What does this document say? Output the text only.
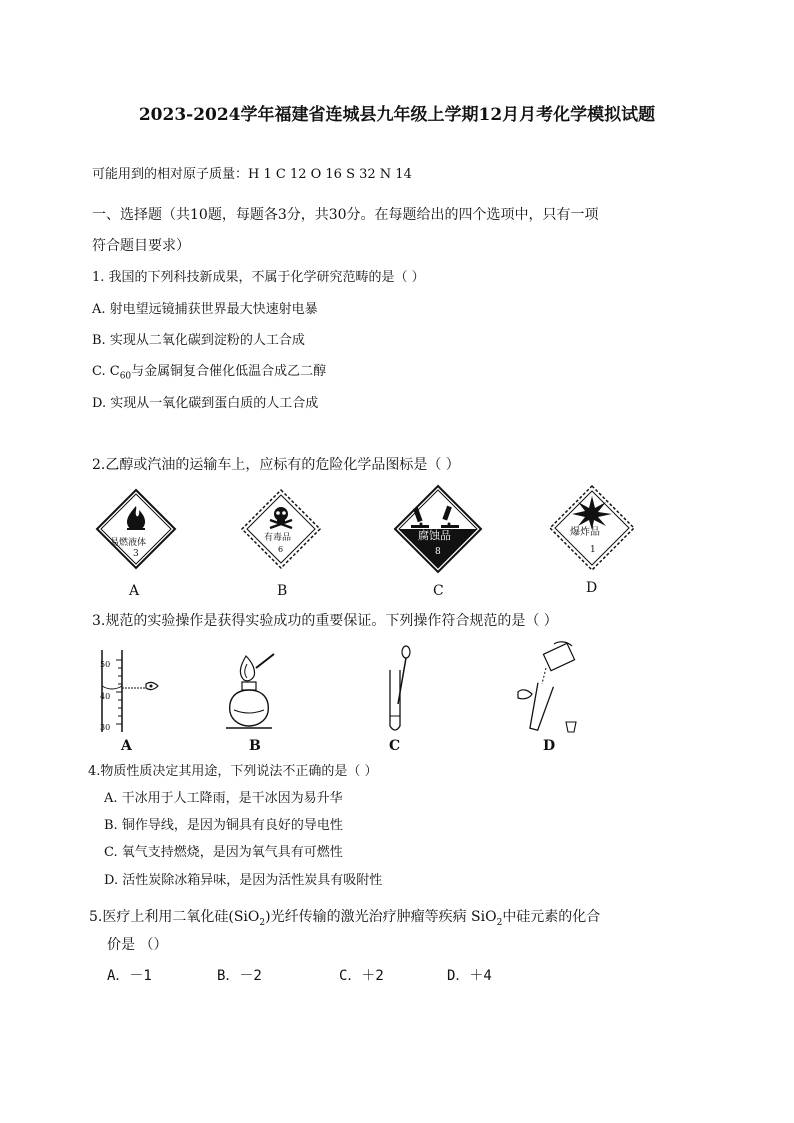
2023-2024学年福建省连城县九年级上学期12月月考化学模拟试题
可能用到的相对原子质量：H 1 C 12 O 16 S 32 N 14
一、选择题（共10题，每题各3分，共30分。在每题给出的四个选项中，只有一项
符合题目要求）
1. 我国的下列科技新成果，不属于化学研究范畴的是（ ）
A. 射电望远镜捕获世界最大快速射电暴
B. 实现从二氧化碳到淀粉的人工合成
C. $C_{60}$与金属铜复合催化低温合成乙二醇
D. 实现从一氧化碳到蛋白质的人工合成
2.乙醇或汽油的运输车上，应标有的危险化学品图标是（ ）
易燃液体
3
有毒品
6
腐蚀品
8
爆炸品
1
A	B	C	D
3.规范的实验操作是获得实验成功的重要保证。下列操作符合规范的是（ ）
50
40
30
A	B	C	D
4.物质性质决定其用途，下列说法不正确的是（ ）
A. 干冰用于人工降雨，是干冰因为易升华
B. 铜作导线，是因为铜具有良好的导电性
C. 氧气支持燃烧，是因为氧气具有可燃性
D. 活性炭除冰箱异味，是因为活性炭具有吸附性
5.医疗上利用二氧化硅(SiO$_2$)光纤传输的激光治疗肿瘤等疾病 SiO$_2$中硅元素的化合
价是 （）
A．－1	B．－2	C．＋2	D．＋4
